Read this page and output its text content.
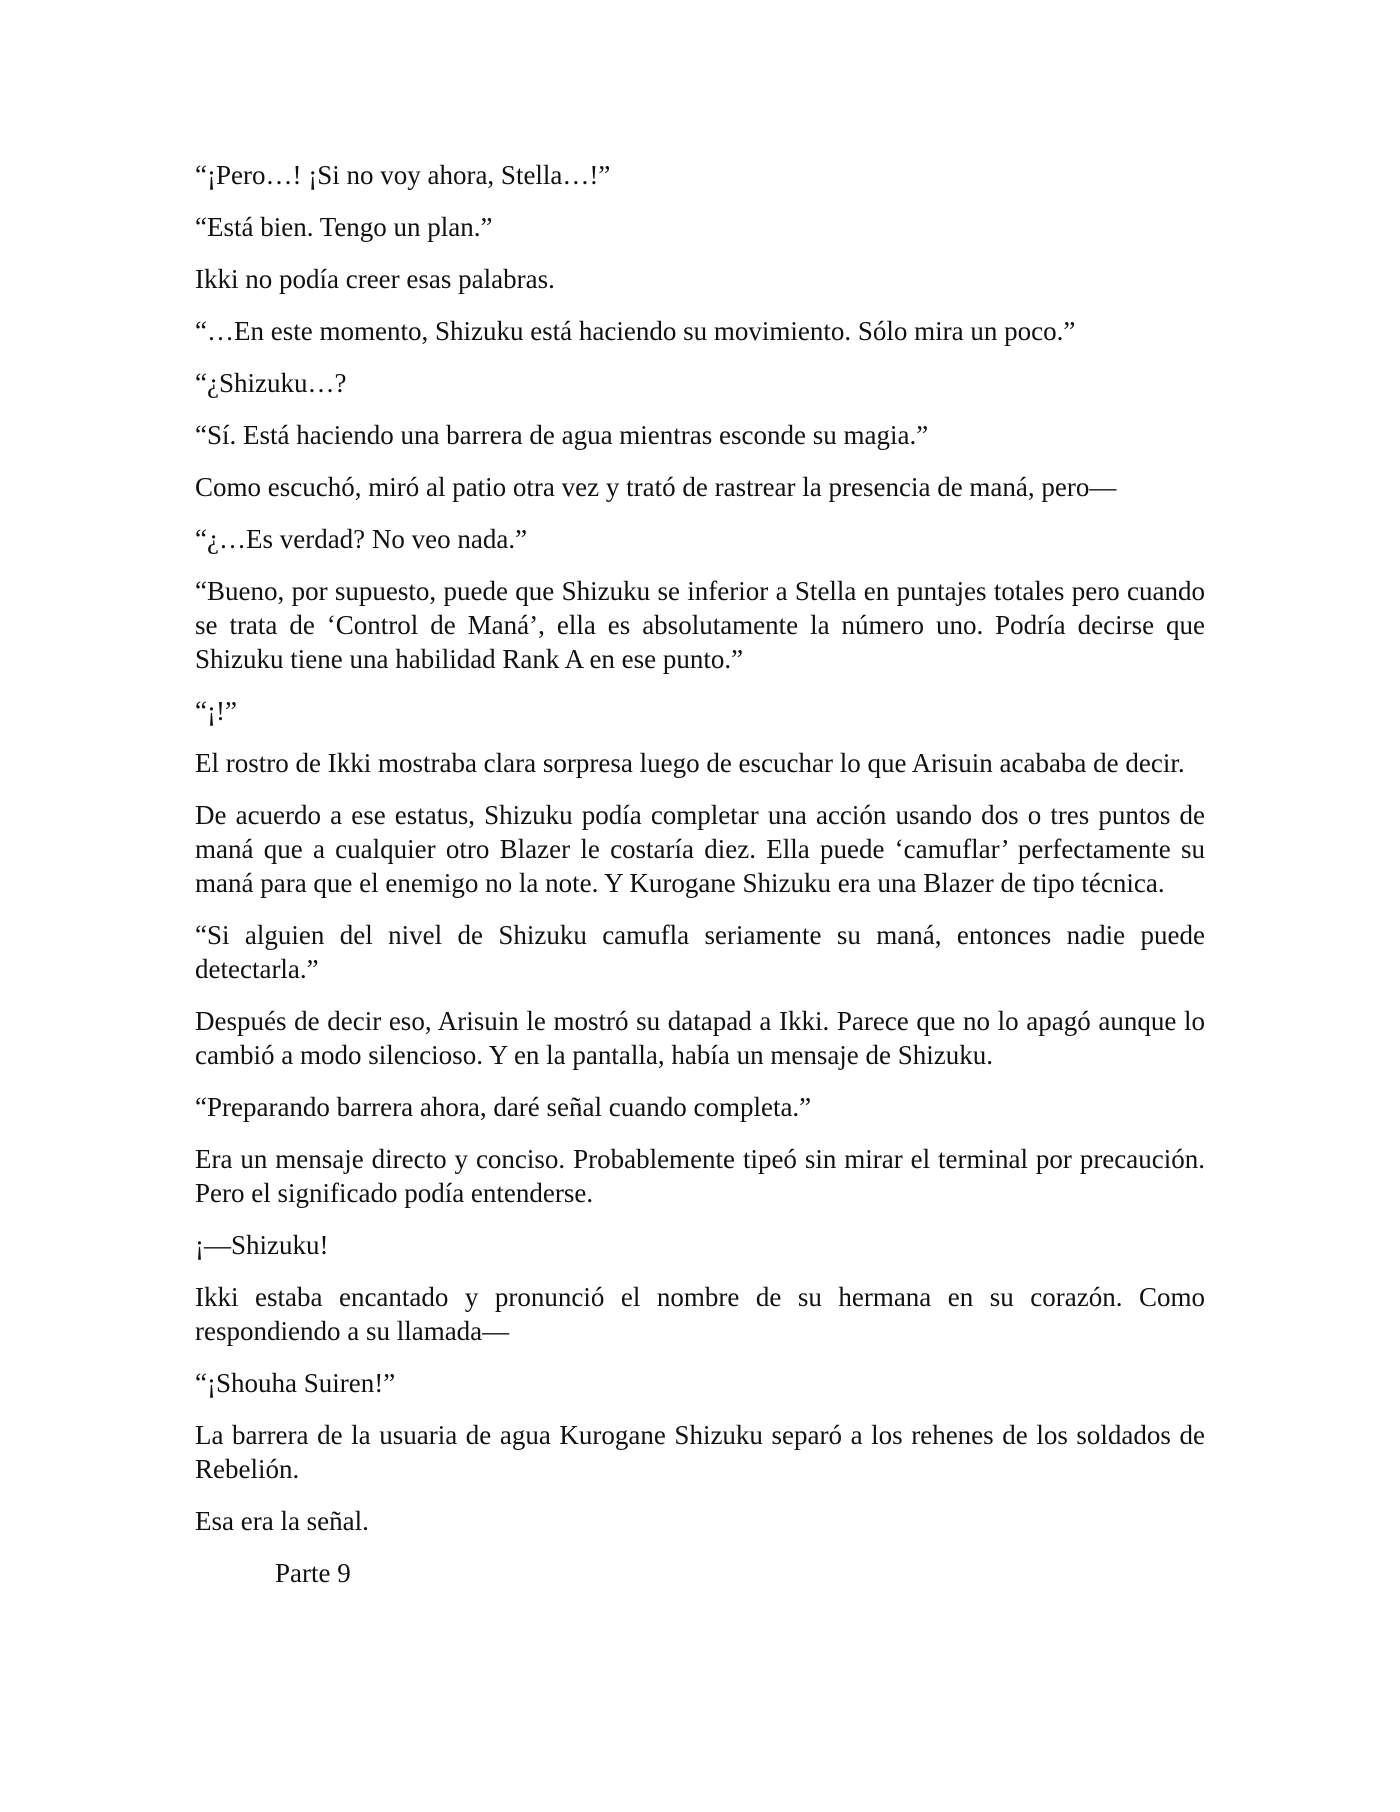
“¡Pero…! ¡Si no voy ahora, Stella…!”

“Está bien. Tengo un plan.”

Ikki no podía creer esas palabras.

“…En este momento, Shizuku está haciendo su movimiento. Sólo mira un poco.”

“¿Shizuku…?

“Sí. Está haciendo una barrera de agua mientras esconde su magia.”

Como escuchó, miró al patio otra vez y trató de rastrear la presencia de maná, pero—

“¿…Es verdad? No veo nada.”

“Bueno, por supuesto, puede que Shizuku se inferior a Stella en puntajes totales pero cuando se trata de ‘Control de Maná’, ella es absolutamente la número uno. Podría decirse que Shizuku tiene una habilidad Rank A en ese punto.”

“¡!”

El rostro de Ikki mostraba clara sorpresa luego de escuchar lo que Arisuin acababa de decir.

De acuerdo a ese estatus, Shizuku podía completar una acción usando dos o tres puntos de maná que a cualquier otro Blazer le costaría diez. Ella puede ‘camuflar’ perfectamente su maná para que el enemigo no la note. Y Kurogane Shizuku era una Blazer de tipo técnica.

“Si alguien del nivel de Shizuku camufla seriamente su maná, entonces nadie puede detectarla.”

Después de decir eso, Arisuin le mostró su datapad a Ikki. Parece que no lo apagó aunque lo cambió a modo silencioso. Y en la pantalla, había un mensaje de Shizuku.

“Preparando barrera ahora, daré señal cuando completa.”

Era un mensaje directo y conciso. Probablemente tipeó sin mirar el terminal por precaución. Pero el significado podía entenderse.

¡—Shizuku!

Ikki estaba encantado y pronunció el nombre de su hermana en su corazón. Como respondiendo a su llamada—

“¡Shouha Suiren!”

La barrera de la usuaria de agua Kurogane Shizuku separó a los rehenes de los soldados de Rebelión.

Esa era la señal.

Parte 9
